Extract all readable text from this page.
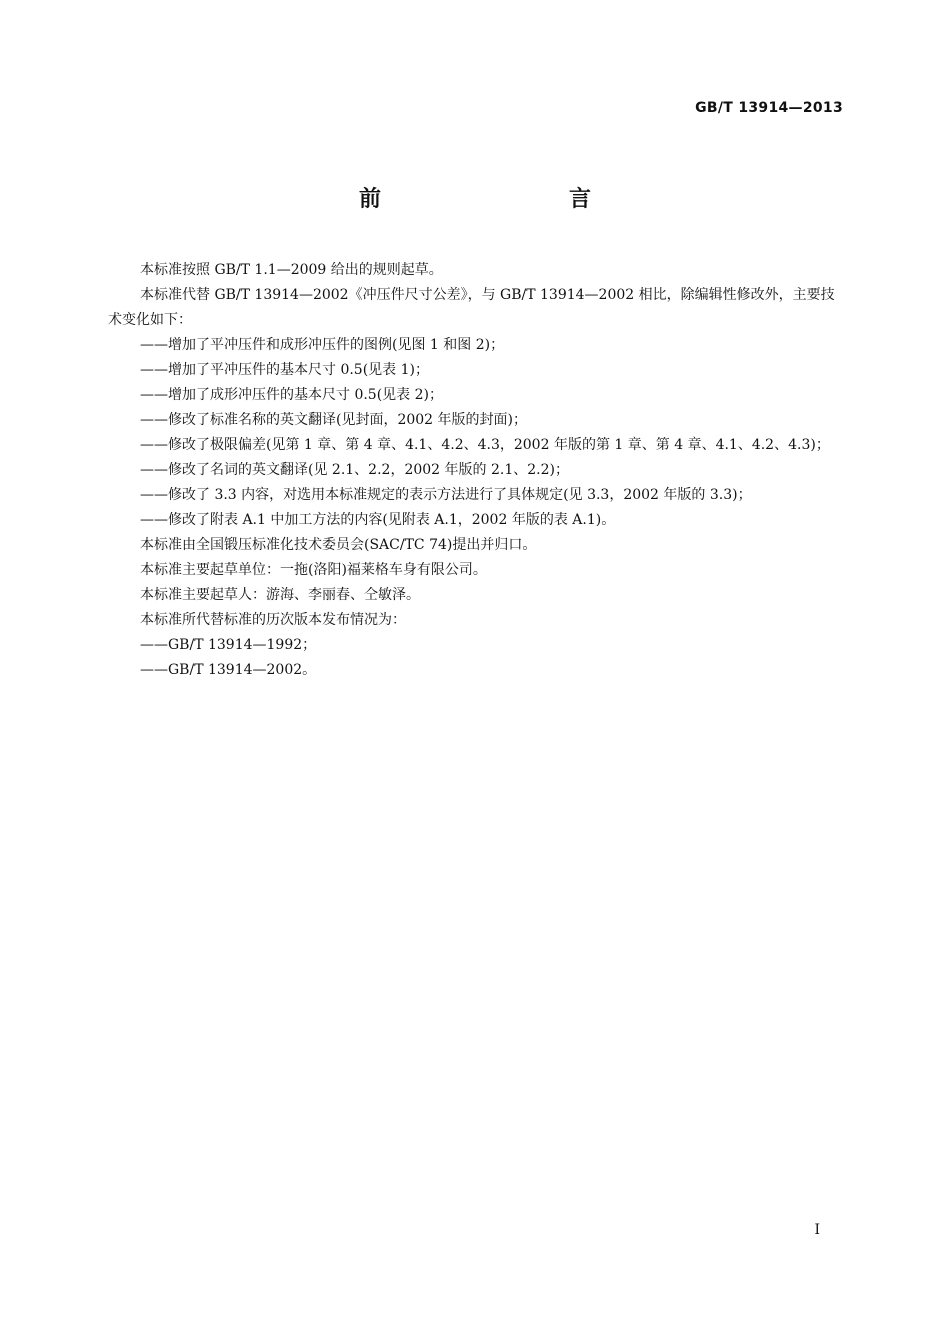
GB/T 13914—2013
前　　言

本标准按照 GB/T 1.1—2009 给出的规则起草。

本标准代替 GB/T 13914—2002《冲压件尺寸公差》，与 GB/T 13914—2002 相比，除编辑性修改外，主要技术变化如下：

——增加了平冲压件和成形冲压件的图例(见图 1 和图 2)；

——增加了平冲压件的基本尺寸 0.5(见表 1)；

——增加了成形冲压件的基本尺寸 0.5(见表 2)；

——修改了标准名称的英文翻译(见封面，2002 年版的封面)；

——修改了极限偏差(见第 1 章、第 4 章、4.1、4.2、4.3，2002 年版的第 1 章、第 4 章、4.1、4.2、4.3)；

——修改了名词的英文翻译(见 2.1、2.2，2002 年版的 2.1、2.2)；

——修改了 3.3 内容，对选用本标准规定的表示方法进行了具体规定(见 3.3，2002 年版的 3.3)；

——修改了附表 A.1 中加工方法的内容(见附表 A.1，2002 年版的表 A.1)。

本标准由全国锻压标准化技术委员会(SAC/TC 74)提出并归口。

本标准主要起草单位：一拖(洛阳)福莱格车身有限公司。

本标准主要起草人：游海、李丽春、仝敏泽。

本标准所代替标准的历次版本发布情况为：

——GB/T 13914—1992；

——GB/T 13914—2002。

I
